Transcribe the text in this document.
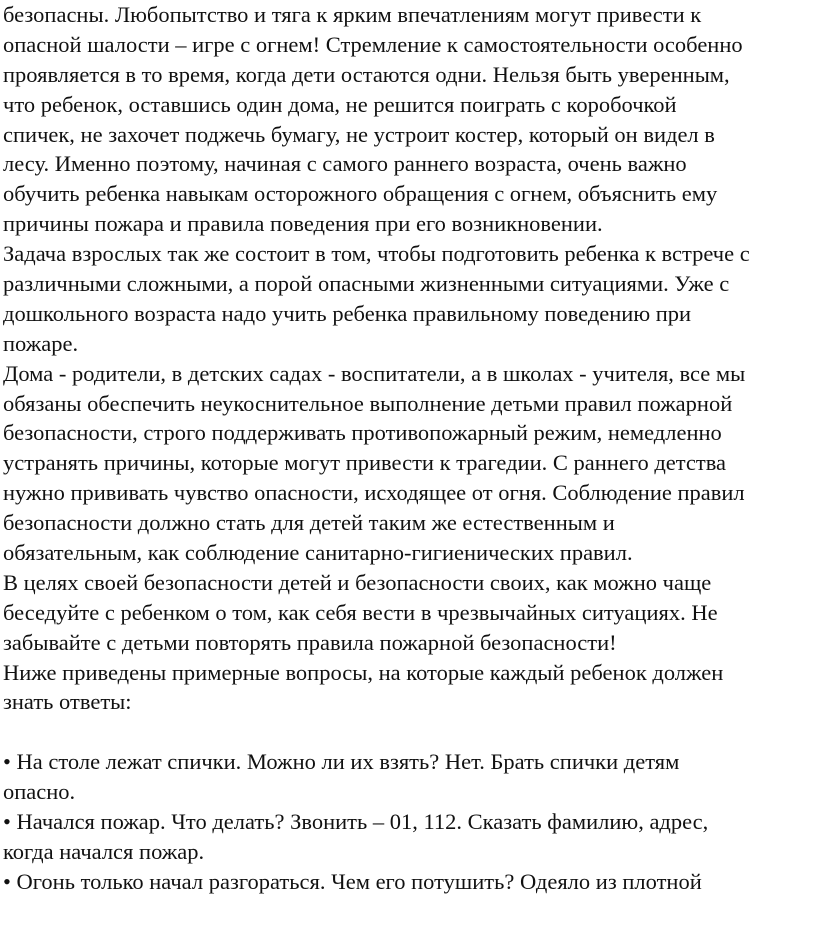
безопасны. Любопытство и тяга к ярким впечатлениям могут привести к
опасной шалости – игре с огнем! Стремление к самостоятельности особенно
проявляется в то время, когда дети остаются одни. Нельзя быть уверенным,
что ребенок, оставшись один дома, не решится поиграть с коробочкой
спичек, не захочет поджечь бумагу, не устроит костер, который он видел в
лесу. Именно поэтому, начиная с самого раннего возраста, очень важно
обучить ребенка навыкам осторожного обращения с огнем, объяснить ему
причины пожара и правила поведения при его возникновении.
Задача взрослых так же состоит в том, чтобы подготовить ребенка к встрече с
различными сложными, а порой опасными жизненными ситуациями. Уже с
дошкольного возраста надо учить ребенка правильному поведению при
пожаре.
Дома - родители, в детских садах - воспитатели, а в школах - учителя, все мы
обязаны обеспечить неукоснительное выполнение детьми правил пожарной
безопасности, строго поддерживать противопожарный режим, немедленно
устранять причины, которые могут привести к трагедии. С раннего детства
нужно прививать чувство опасности, исходящее от огня. Соблюдение правил
безопасности должно стать для детей таким же естественным и
обязательным, как соблюдение санитарно-гигиенических правил.
В целях своей безопасности детей и безопасности своих, как можно чаще
беседуйте с ребенком о том, как себя вести в чрезвычайных ситуациях. Не
забывайте с детьми повторять правила пожарной безопасности!
Ниже приведены примерные вопросы, на которые каждый ребенок должен
знать ответы:
• На столе лежат спички. Можно ли их взять? Нет. Брать спички детям
опасно.
• Начался пожар. Что делать? Звонить – 01, 112. Сказать фамилию, адрес,
когда начался пожар.
• Огонь только начал разгораться. Чем его потушить? Одеяло из плотной
